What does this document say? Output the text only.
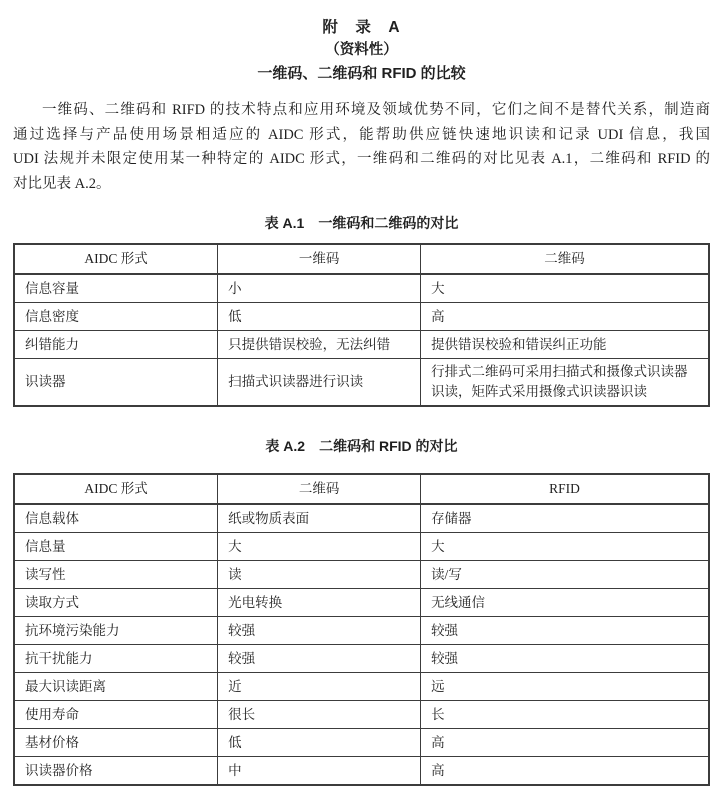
附　录　A
（资料性）
一维码、二维码和 RFID 的比较
一维码、二维码和 RIFD 的技术特点和应用环境及领域优势不同，它们之间不是替代关系，制造商
通过选择与产品使用场景相适应的 AIDC 形式，能帮助供应链快速地识读和记录 UDI 信息，我国
UDI 法规并未限定使用某一种特定的 AIDC 形式，一维码和二维码的对比见表 A.1，二维码和 RFID 的
对比见表 A.2。
表 A.1 一维码和二维码的对比
AIDC 形式	一维码	二维码
信息容量	小	大
信息密度	低	高
纠错能力	只提供错误校验，无法纠错	提供错误校验和错误纠正功能
识读器	扫描式识读器进行识读	行排式二维码可采用扫描式和摄像式识读器识读，矩阵式采用摄像式识读器识读
表 A.2 二维码和 RFID 的对比
AIDC 形式	二维码	RFID
信息载体	纸或物质表面	存储器
信息量	大	大
读写性	读	读/写
读取方式	光电转换	无线通信
抗环境污染能力	较强	较强
抗干扰能力	较强	较强
最大识读距离	近	远
使用寿命	很长	长
基材价格	低	高
识读器价格	中	高
